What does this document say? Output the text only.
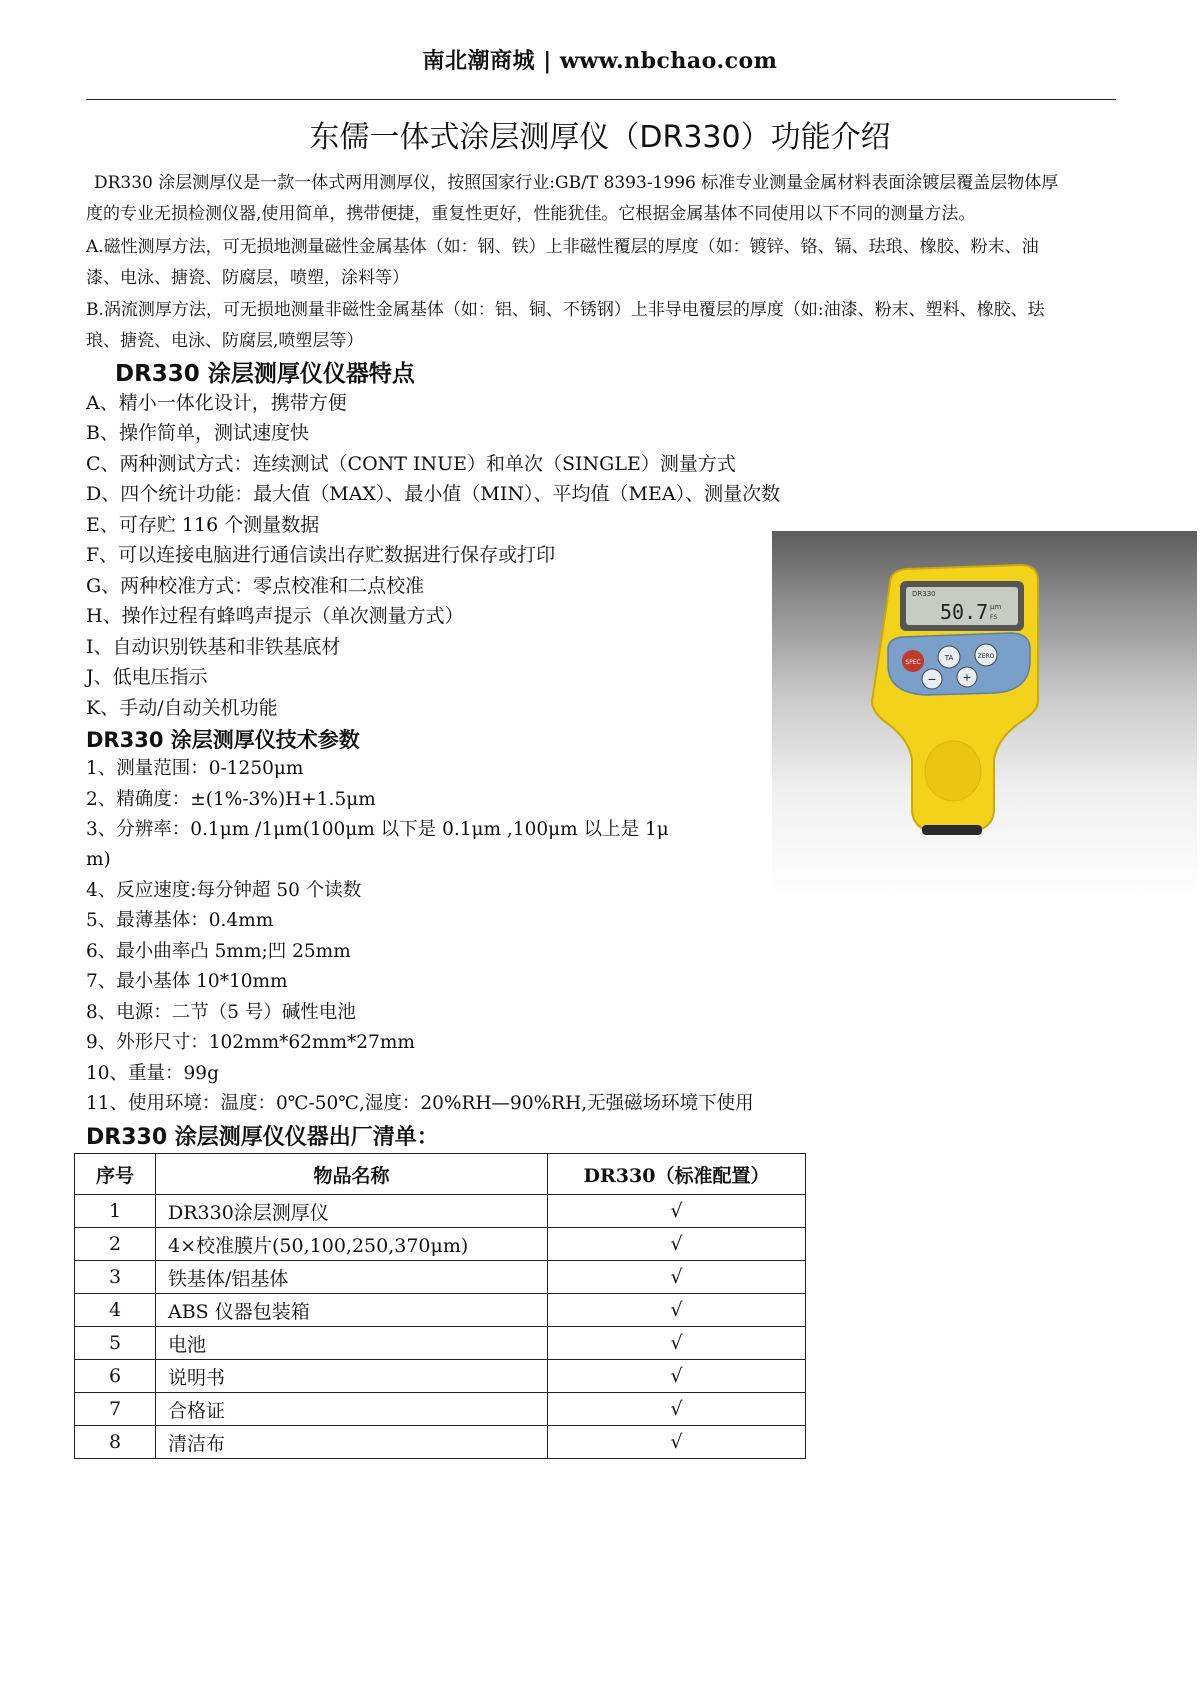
南北潮商城 | www.nbchao.com
东儒一体式涂层测厚仪（DR330）功能介绍
DR330 涂层测厚仪是一款一体式两用测厚仪，按照国家行业:GB/T 8393-1996 标准专业测量金属材料表面涂镀层覆盖层物体厚
度的专业无损检测仪器,使用简单，携带便捷，重复性更好，性能犹佳。它根据金属基体不同使用以下不同的测量方法。
A.磁性测厚方法，可无损地测量磁性金属基体（如：钢、铁）上非磁性覆层的厚度（如：镀锌、铬、镉、珐琅、橡胶、粉末、油
漆、电泳、搪瓷、防腐层，喷塑，涂料等）
B.涡流测厚方法，可无损地测量非磁性金属基体（如：铝、铜、不锈钢）上非导电覆层的厚度（如:油漆、粉末、塑料、橡胶、珐
琅、搪瓷、电泳、防腐层,喷塑层等）
DR330 涂层测厚仪仪器特点
A、精小一体化设计，携带方便
B、操作简单，测试速度快
C、两种测试方式：连续测试（CONT INUE）和单次（SINGLE）测量方式
D、四个统计功能：最大值（MAX）、最小值（MIN）、平均值（MEA）、测量次数
E、可存贮 116 个测量数据
F、可以连接电脑进行通信读出存贮数据进行保存或打印
G、两种校准方式：零点校准和二点校准
H、操作过程有蜂鸣声提示（单次测量方式）
I、自动识别铁基和非铁基底材
J、低电压指示
K、手动/自动关机功能
DR330 涂层测厚仪技术参数
1、测量范围：0-1250μm
2、精确度：±(1%-3%)H+1.5μm
3、分辨率：0.1μm /1μm(100μm 以下是 0.1μm ,100μm 以上是 1μ
m)
4、反应速度:每分钟超 50 个读数
5、最薄基体：0.4mm
6、最小曲率凸 5mm;凹 25mm
7、最小基体 10*10mm
8、电源：二节（5 号）碱性电池
9、外形尺寸：102mm*62mm*27mm
10、重量：99g
11、使用环境：温度：0℃-50℃,湿度：20%RH—90%RH,无强磁场环境下使用
DR330
50.7 µm
FS
SPEC
TA	ZERO
− +
DR330 涂层测厚仪仪器出厂清单：
序号	物品名称	DR330（标准配置）
1	DR330涂层测厚仪	√
2	4×校准膜片(50,100,250,370μm)	√
3	铁基体/铝基体	√
4	ABS 仪器包装箱	√
5	电池	√
6	说明书	√
7	合格证	√
8	清洁布	√
